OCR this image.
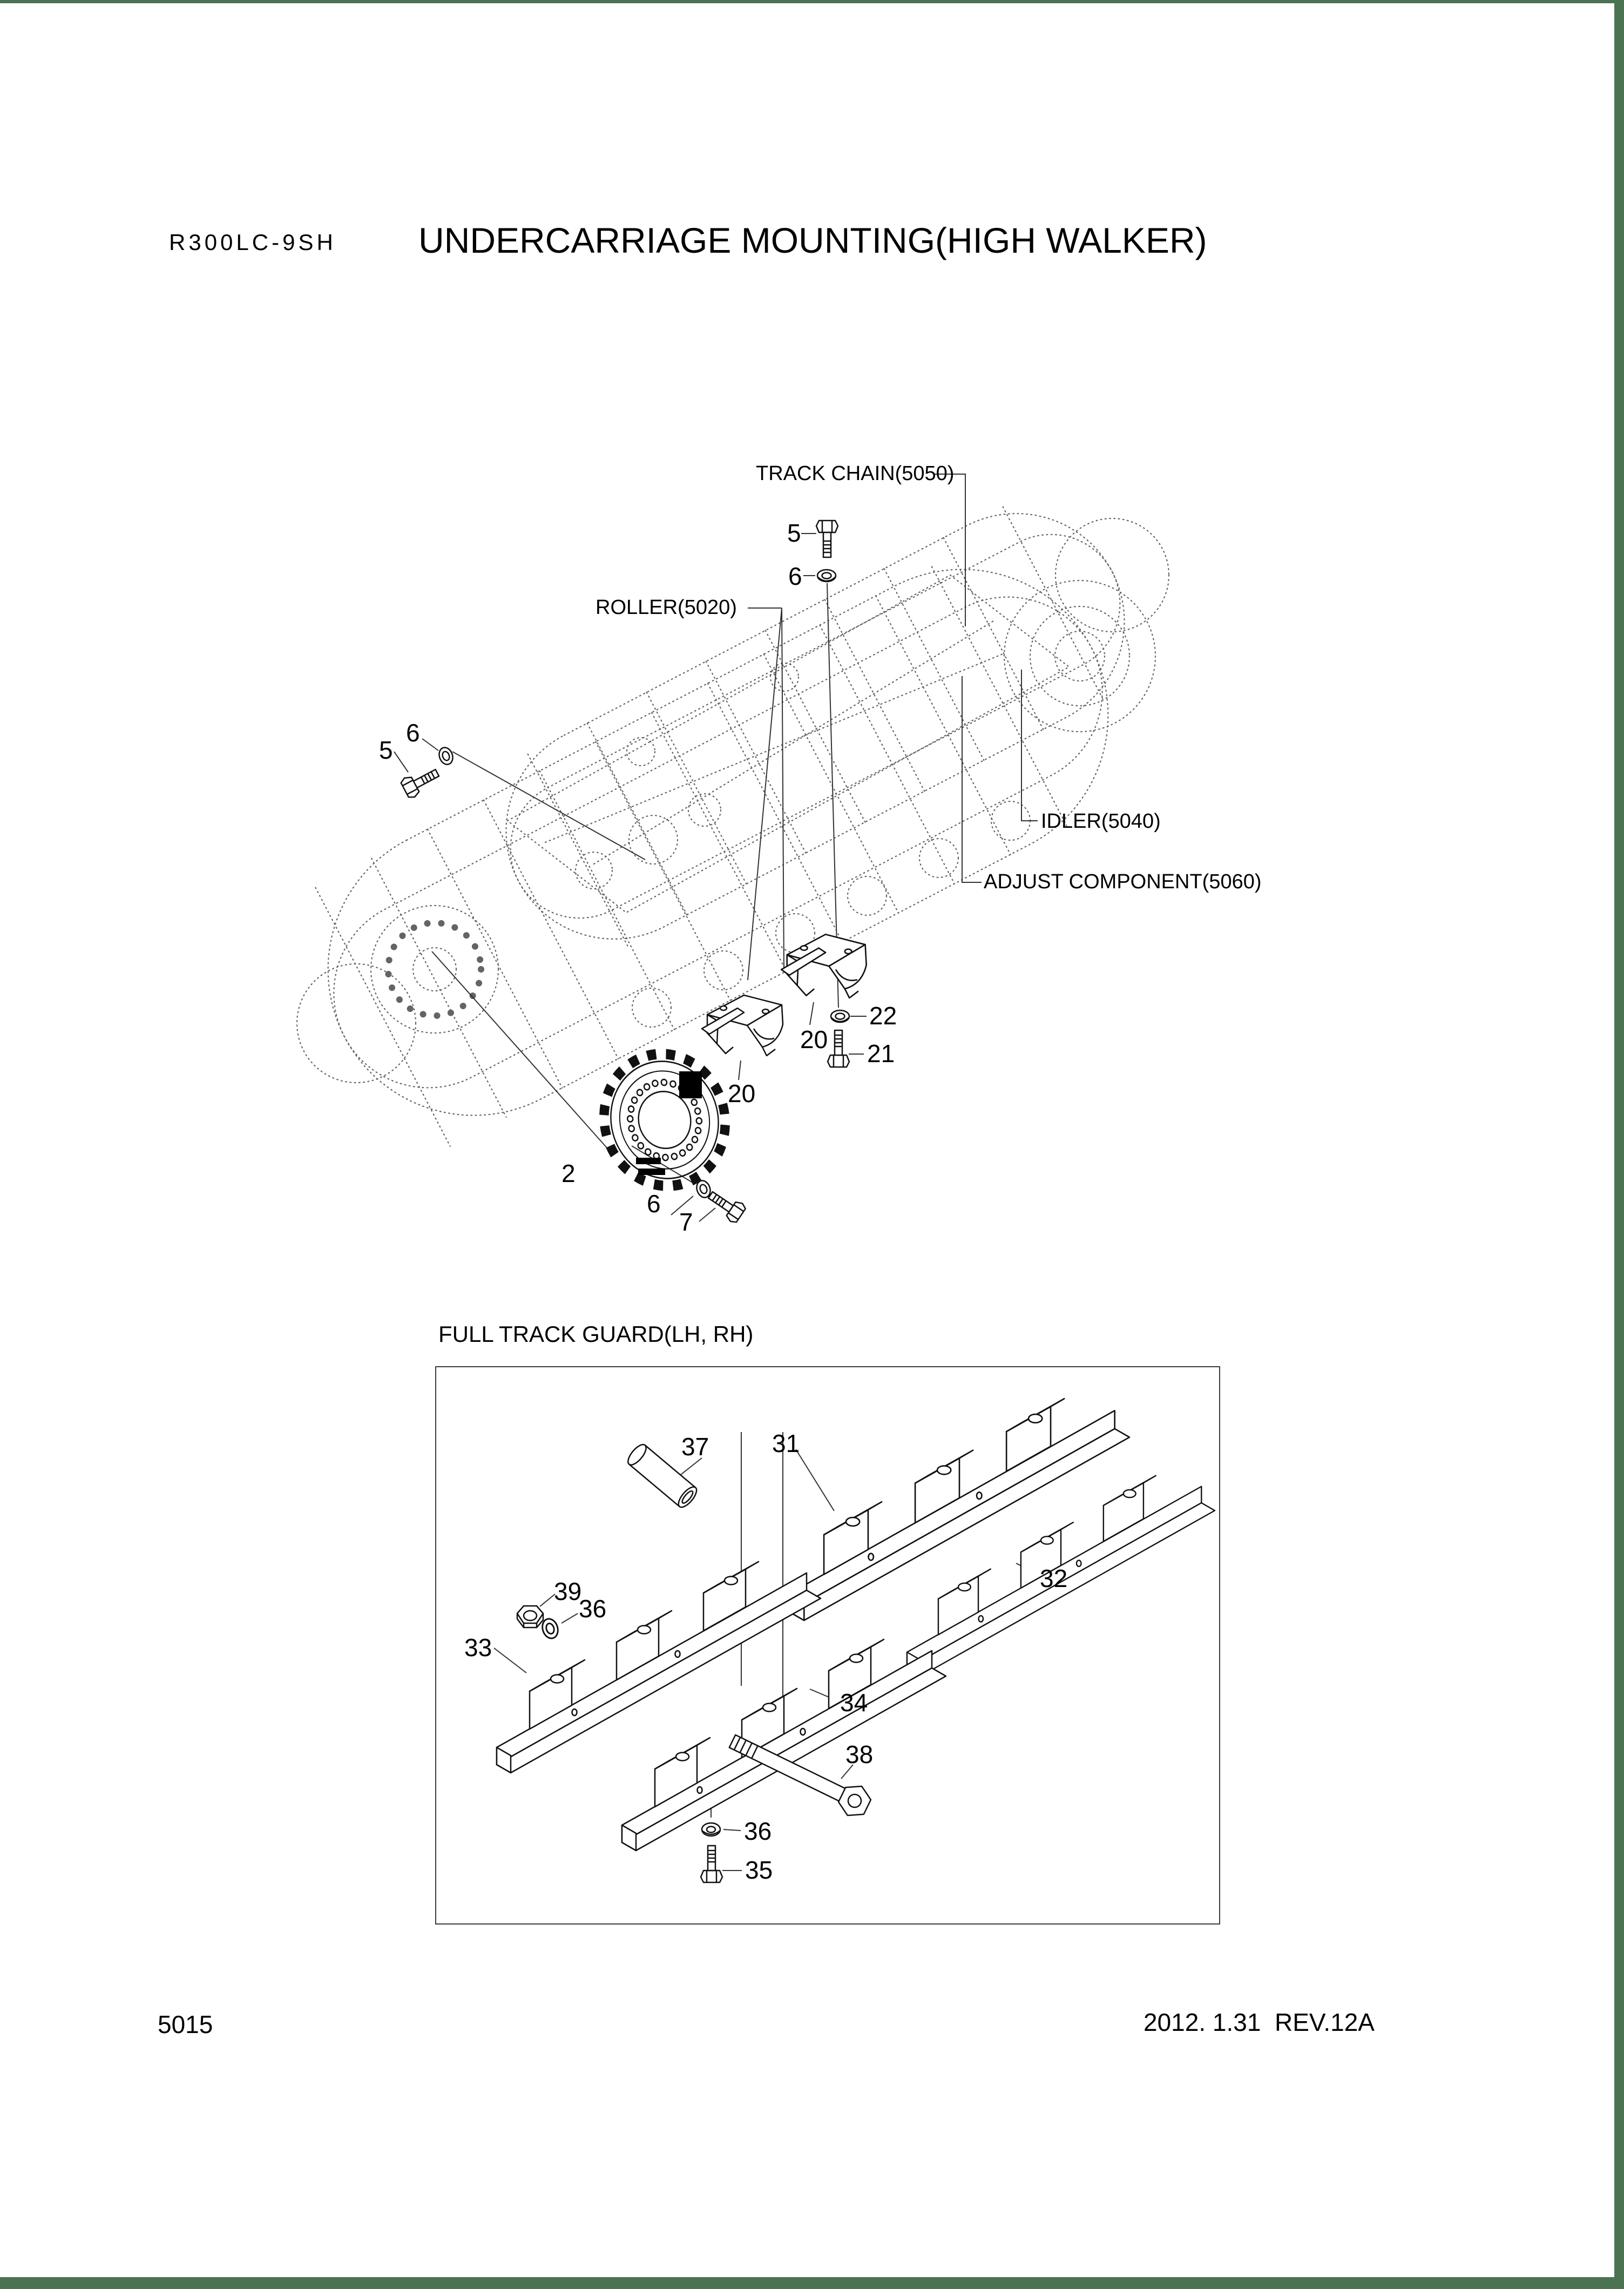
R300LC-9SH UNDERCARRIAGE MOUNTING(HIGH WALKER)
TRACK CHAIN(5050)
ROLLER(5020)
IDLER(5040)
ADJUST COMPONENT(5060)
5
6
5
6
20
20
22
21
2
6
7
FULL TRACK GUARD(LH, RH)
37	31
39
36
33
32
34
38
36
35
5015	2012. 1.31  REV.12A
